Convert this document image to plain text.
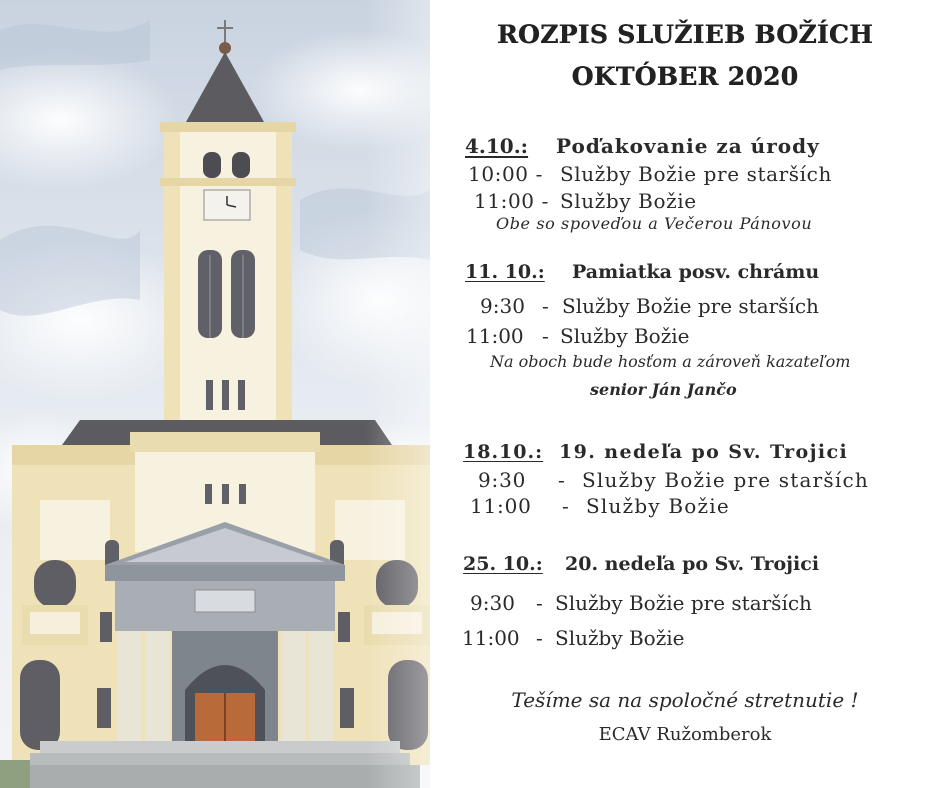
ROZPIS SLUŽIEB BOŽÍCH
OKTÓBER 2020
4.10.: Poďakovanie za úrody
10:00 - Služby Božie pre starších
11:00 - Služby Božie
Obe so spoveďou a Večerou Pánovou
11. 10.: Pamiatka posv. chrámu
9:30 - Služby Božie pre starších
11:00 - Služby Božie
Na oboch bude hosťom a zároveň kazateľom
senior Ján Jančo
18.10.: 19. nedeľa po Sv. Trojici
9:30 - Služby Božie pre starších
11:00 - Služby Božie
25. 10.: 20. nedeľa po Sv. Trojici
9:30 - Služby Božie pre starších
11:00 - Služby Božie
Tešíme sa na spoločné stretnutie !
ECAV Ružomberok
